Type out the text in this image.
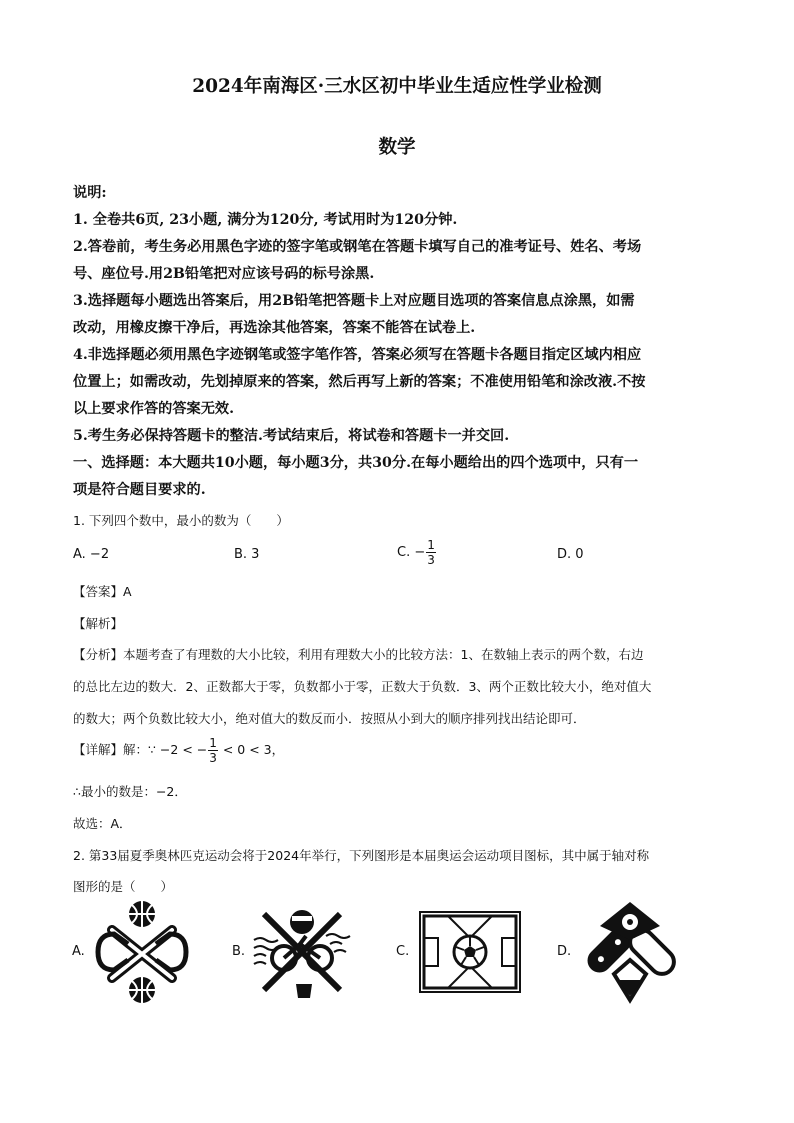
2024年南海区·三水区初中毕业生适应性学业检测
数学
说明:
1. 全卷共6页, 23小题, 满分为120分, 考试用时为120分钟.
2.答卷前，考生务必用黑色字迹的签字笔或钢笔在答题卡填写自己的准考证号、姓名、考场
号、座位号.用2B铅笔把对应该号码的标号涂黑.
3.选择题每小题选出答案后，用2B铅笔把答题卡上对应题目选项的答案信息点涂黑，如需
改动，用橡皮擦干净后，再选涂其他答案，答案不能答在试卷上.
4.非选择题必须用黑色字迹钢笔或签字笔作答，答案必须写在答题卡各题目指定区域内相应
位置上；如需改动，先划掉原来的答案，然后再写上新的答案；不准使用铅笔和涂改液.不按
以上要求作答的答案无效.
5.考生务必保持答题卡的整洁.考试结束后，将试卷和答题卡一并交回.
一、选择题：本大题共10小题，每小题3分，共30分.在每小题给出的四个选项中，只有一
项是符合题目要求的.
1. 下列四个数中，最小的数为（　　）
A. −2	B. 3	C. − $\frac{1}{3}$	D. 0
【答案】A
【解析】
【分析】本题考查了有理数的大小比较，利用有理数大小的比较方法：1、在数轴上表示的两个数，右边
的总比左边的数大．2、正数都大于零，负数都小于零，正数大于负数．3、两个正数比较大小，绝对值大
的数大；两个负数比较大小，绝对值大的数反而小．按照从小到大的顺序排列找出结论即可．
【详解】解：∵ −2 < − $\frac{1}{3} < 0 < 3$，
∴最小的数是：−2．
故选：A．
2. 第33届夏季奥林匹克运动会将于2024年举行，下列图形是本届奥运会运动项目图标，其中属于轴对称
图形的是（　　）
A.	B.	C.	D.
